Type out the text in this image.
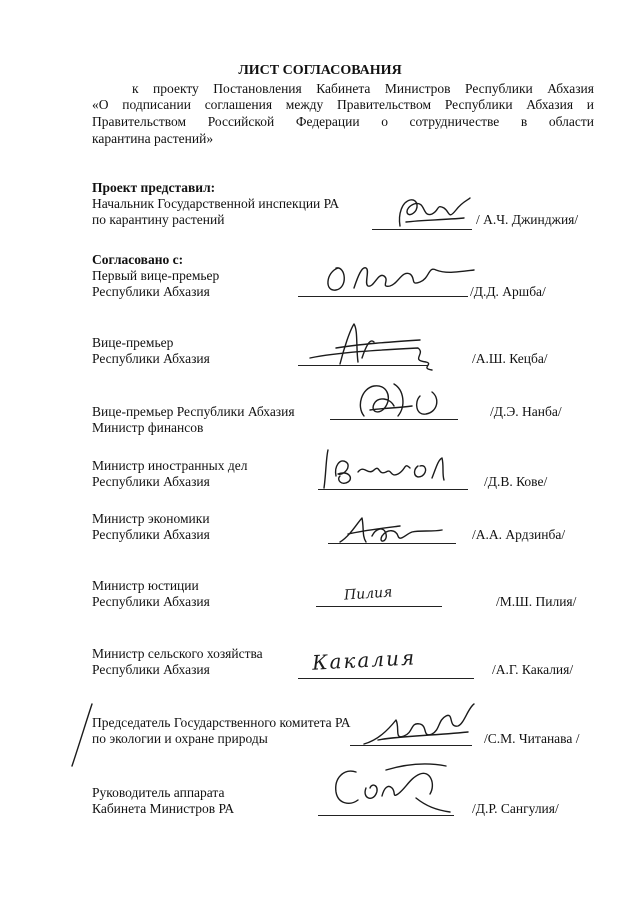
ЛИСТ СОГЛАСОВАНИЯ
к проекту Постановления Кабинета Министров Республики Абхазия
«О подписании соглашения между Правительством Республики Абхазия и
Правительством Российской Федерации о сотрудничестве в области
карантина растений»
Проект представил:
Начальник Государственной инспекции РА
по карантину растений	/ А.Ч. Джинджия/
Согласовано с:
Первый вице-премьер
Республики Абхазия	/Д.Д. Аршба/
Вице-премьер
Республики Абхазия	/А.Ш. Кецба/
Вице-премьер Республики Абхазия
Министр финансов
/Д.Э. Нанба/
Министр иностранных дел
Республики Абхазия	/Д.В. Кове/
Министр экономики
Республики Абхазия	/А.А. Ардзинба/
Министр юстиции
Республики Абхазия	Пилия	/М.Ш. Пилия/
Министр сельского хозяйства
Республики Абхазия	Какалия	/А.Г. Какалия/
Председатель Государственного комитета РА
по экологии и охране природы	/С.М. Читанава /
Руководитель аппарата
Кабинета Министров РА	/Д.Р. Сангулия/
